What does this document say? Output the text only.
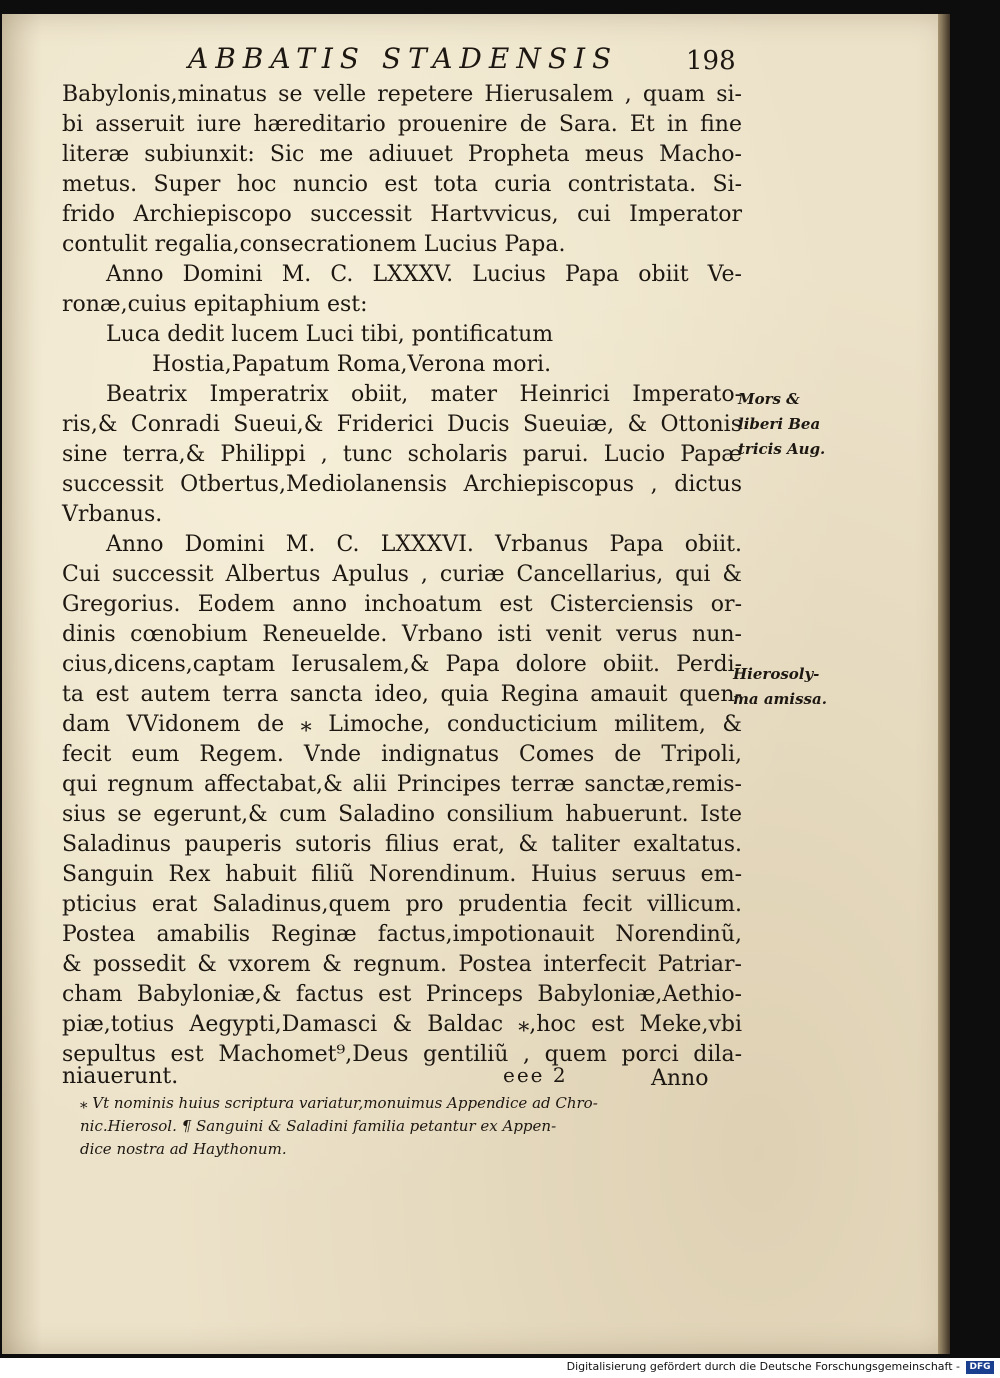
ABBATIS STADENSIS	198
Babylonis,minatus se velle repetere Hierusalem , quam si-
bi asseruit iure hæreditario prouenire de Sara. Et in fine
literæ subiunxit: Sic me adiuuet Propheta meus Macho-
metus. Super hoc nuncio est tota curia contristata. Si-
frido Archiepiscopo successit Hartvvicus, cui Imperator
contulit regalia,consecrationem Lucius Papa.
Anno Domini M. C. LXXXV. Lucius Papa obiit Ve-
ronæ,cuius epitaphium est:
Luca dedit lucem Luci tibi, pontificatum
Hostia,Papatum Roma,Verona mori.
Beatrix Imperatrix obiit, mater Heinrici Imperato-
ris,& Conradi Sueui,& Friderici Ducis Sueuiæ, & Ottonis
sine terra,& Philippi , tunc scholaris parui. Lucio Papæ
successit Otbertus,Mediolanensis Archiepiscopus , dictus
Vrbanus.
Anno Domini M. C. LXXXVI. Vrbanus Papa obiit.
Cui successit Albertus Apulus , curiæ Cancellarius, qui &
Gregorius. Eodem anno inchoatum est Cisterciensis or-
dinis cœnobium Reneuelde. Vrbano isti venit verus nun-
cius,dicens,captam Ierusalem,& Papa dolore obiit. Perdi-
ta est autem terra sancta ideo, quia Regina amauit quen-
dam VVidonem de ⁎ Limoche, conducticium militem, &
fecit eum Regem. Vnde indignatus Comes de Tripoli,
qui regnum affectabat,& alii Principes terræ sanctæ,remis-
sius se egerunt,& cum Saladino consilium habuerunt. Iste
Saladinus pauperis sutoris filius erat, & taliter exaltatus.
Sanguin Rex habuit filiũ Norendinum. Huius seruus em-
pticius erat Saladinus,quem pro prudentia fecit villicum.
Postea amabilis Reginæ factus,impotionauit Norendinũ,
& possedit & vxorem & regnum. Postea interfecit Patriar-
cham Babyloniæ,& factus est Princeps Babyloniæ,Aethio-
piæ,totius Aegypti,Damasci & Baldac ⁎,hoc est Meke,vbi
sepultus est Machomet⁹,Deus gentiliũ , quem porci dila-
niauerunt.	eee 2	Anno
Mors &
liberi Bea
tricis Aug.
Hierosoly-
ma amissa.
⁎ Vt nominis huius scriptura variatur,monuimus Appendice ad Chro-
nic.Hierosol. ¶ Sanguini & Saladini familia petantur ex Appen-
dice nostra ad Haythonum.
Digitalisierung gefördert durch die Deutsche Forschungsgemeinschaft -	DFG
